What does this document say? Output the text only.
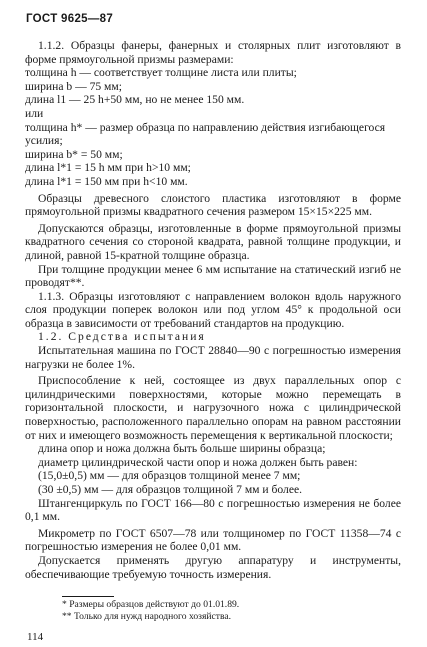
ГОСТ 9625—87

1.1.2. Образцы фанеры, фанерных и столярных плит изготовляют в форме прямоугольной призмы размерами:

толщина h — соответствует толщине листа или плиты;

ширина b — 75 мм;

длина l1 — 25 h+50 мм, но не менее 150 мм.

или

толщина h* — размер образца по направлению действия изгибающегося усилия;

ширина b* = 50 мм;

длина l*1 = 15 h мм при h>10 мм;

длина l*1 = 150 мм при h<10 мм.

Образцы древесного слоистого пластика изготовляют в форме прямоугольной призмы квадратного сечения размером 15×15×225 мм.

Допускаются образцы, изготовленные в форме прямоугольной призмы квадратного сечения со стороной квадрата, равной толщине продукции, и длиной, равной 15-кратной толщине образца.

При толщине продукции менее 6 мм испытание на статический изгиб не проводят**.

1.1.3. Образцы изготовляют с направлением волокон вдоль наружного слоя продукции поперек волокон или под углом 45° к продольной оси образца в зависимости от требований стандартов на продукцию.

1.2. Средства испытания

Испытательная машина по ГОСТ 28840—90 с погрешностью измерения нагрузки не более 1%.

Приспособление к ней, состоящее из двух параллельных опор с цилиндрическими поверхностями, которые можно перемещать в горизонтальной плоскости, и нагрузочного ножа с цилиндрической поверхностью, расположенного параллельно опорам на равном расстоянии от них и имеющего возможность перемещения к вертикальной плоскости;

длина опор и ножа должна быть больше ширины образца;

диаметр цилиндрической части опор и ножа должен быть равен:

(15,0±0,5) мм — для образцов толщиной менее 7 мм;

(30 ±0,5) мм — для образцов толщиной 7 мм и более.

Штангенциркуль по ГОСТ 166—80 с погрешностью измерения не более 0,1 мм.

Микрометр по ГОСТ 6507—78 или толщиномер по ГОСТ 11358—74 с погрешностью измерения не более 0,01 мм.

Допускается применять другую аппаратуру и инструменты, обеспечивающие требуемую точность измерения.

* Размеры образцов действуют до 01.01.89.

** Только для нужд народного хозяйства.

114
